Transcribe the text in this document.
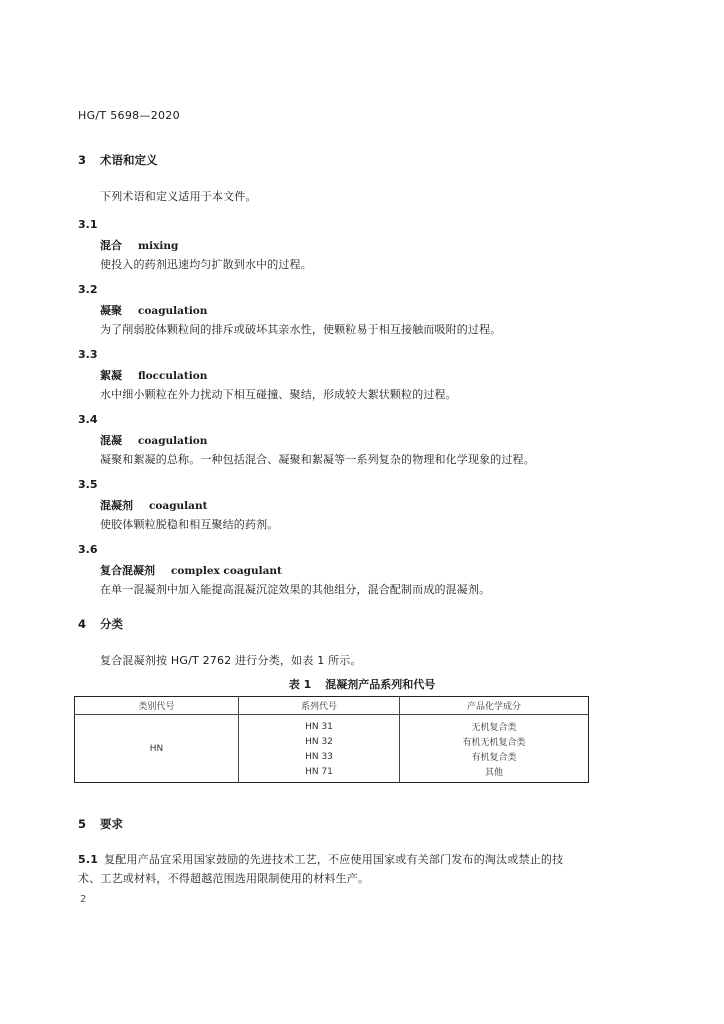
HG/T 5698—2020
3 术语和定义
下列术语和定义适用于本文件。
3.1
混合 mixing
使投入的药剂迅速均匀扩散到水中的过程。
3.2
凝聚 coagulation
为了削弱胶体颗粒间的排斥或破坏其亲水性，使颗粒易于相互接触而吸附的过程。
3.3
絮凝 flocculation
水中细小颗粒在外力扰动下相互碰撞、聚结，形成较大絮状颗粒的过程。
3.4
混凝 coagulation
凝聚和絮凝的总称。一种包括混合、凝聚和絮凝等一系列复杂的物理和化学现象的过程。
3.5
混凝剂 coagulant
使胶体颗粒脱稳和相互聚结的药剂。
3.6
复合混凝剂 complex coagulant
在单一混凝剂中加入能提高混凝沉淀效果的其他组分，混合配制而成的混凝剂。
4 分类
复合混凝剂按 HG/T 2762 进行分类，如表 1 所示。
表 1 混凝剂产品系列和代号
类别代号	系列代号	产品化学成分
HN	HN 31	无机复合类
	HN 32	有机无机复合类
	HN 33	有机复合类
	HN 71	其他
5 要求
5.1 复配用产品宜采用国家鼓励的先进技术工艺，不应使用国家或有关部门发布的淘汰或禁止的技
术、工艺或材料，不得超越范围选用限制使用的材料生产。
2
